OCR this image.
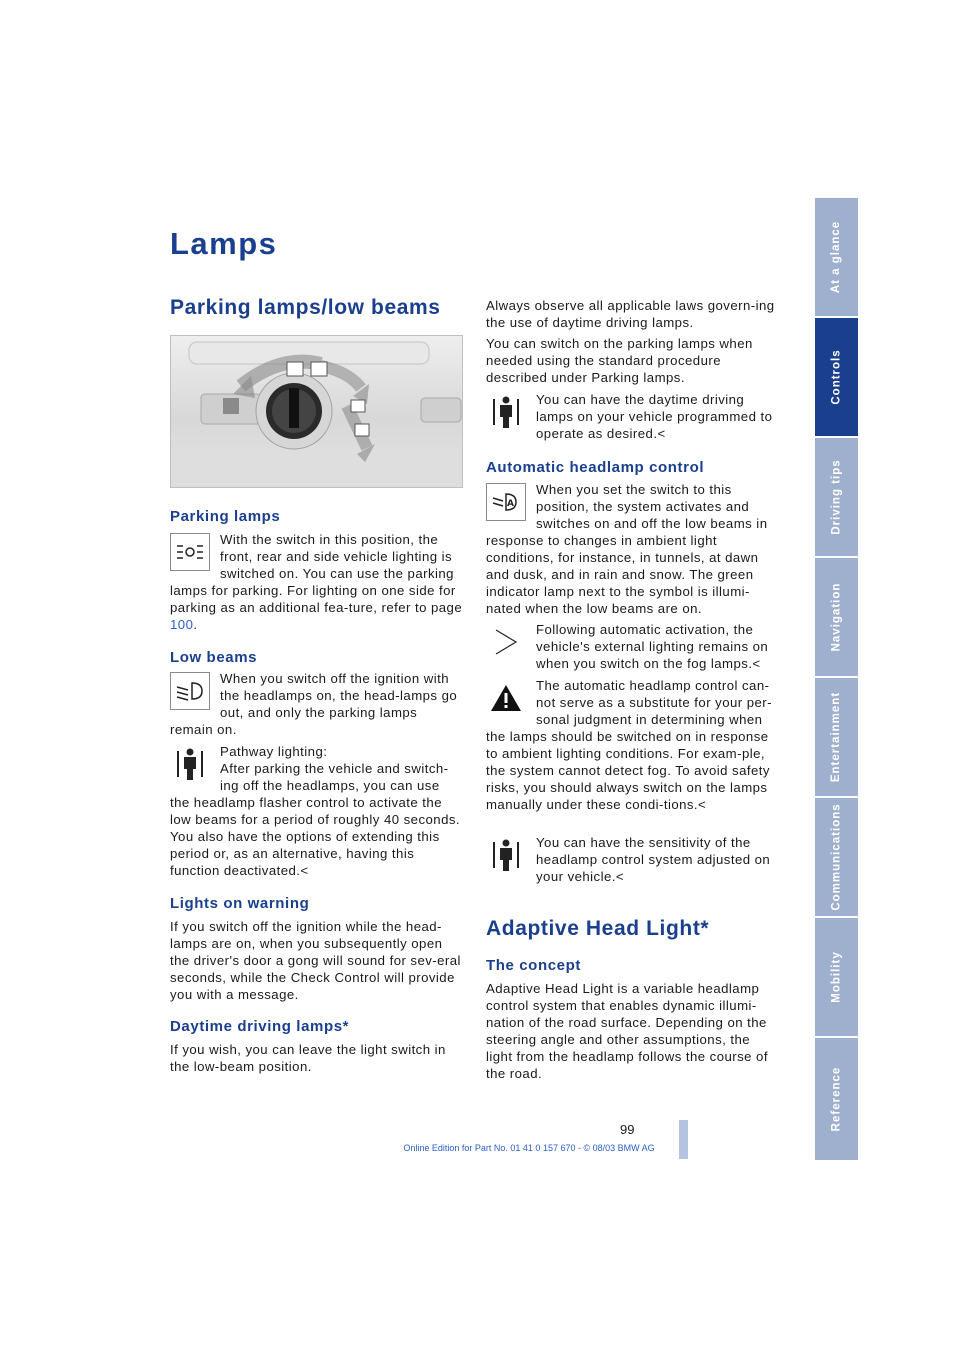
Lamps
Parking lamps/low beams
Parking lamps
With the switch in this position, the front, rear and side vehicle lighting is switched on. You can use the parking lamps for parking. For lighting on one side for parking as an additional fea-ture, refer to page 100.
Low beams
When you switch off the ignition with the headlamps on, the head-lamps go out, and only the parking lamps remain on.
Pathway lighting:
After parking the vehicle and switch-ing off the headlamps, you can use the headlamp flasher control to activate the low beams for a period of roughly 40 seconds. You also have the options of extending this period or, as an alternative, having this function deactivated.<
Lights on warning
If you switch off the ignition while the head-lamps are on, when you subsequently open the driver's door a gong will sound for sev-eral seconds, while the Check Control will provide you with a message.
Daytime driving lamps*
If you wish, you can leave the light switch in the low-beam position.
Always observe all applicable laws govern-ing the use of daytime driving lamps.
You can switch on the parking lamps when needed using the standard procedure described under Parking lamps.
You can have the daytime driving lamps on your vehicle programmed to operate as desired.<
Automatic headlamp control
A
When you set the switch to this position, the system activates and switches on and off the low beams in response to changes in ambient light conditions, for instance, in tunnels, at dawn and dusk, and in rain and snow. The green indicator lamp next to the symbol is illumi-nated when the low beams are on.
Following automatic activation, the vehicle's external lighting remains on when you switch on the fog lamps.<
The automatic headlamp control can-not serve as a substitute for your per-sonal judgment in determining when the lamps should be switched on in response to ambient lighting conditions. For exam-ple, the system cannot detect fog. To avoid safety risks, you should always switch on the lamps manually under these condi-tions.<
You can have the sensitivity of the headlamp control system adjusted on your vehicle.<
Adaptive Head Light*
The concept
Adaptive Head Light is a variable headlamp control system that enables dynamic illumi-nation of the road surface. Depending on the steering angle and other assumptions, the light from the headlamp follows the course of the road.
At a glance
Controls
Driving tips
Navigation
Entertainment
Communications
Mobility
Reference
99
Online Edition for Part No. 01 41 0 157 670 - © 08/03 BMW AG
